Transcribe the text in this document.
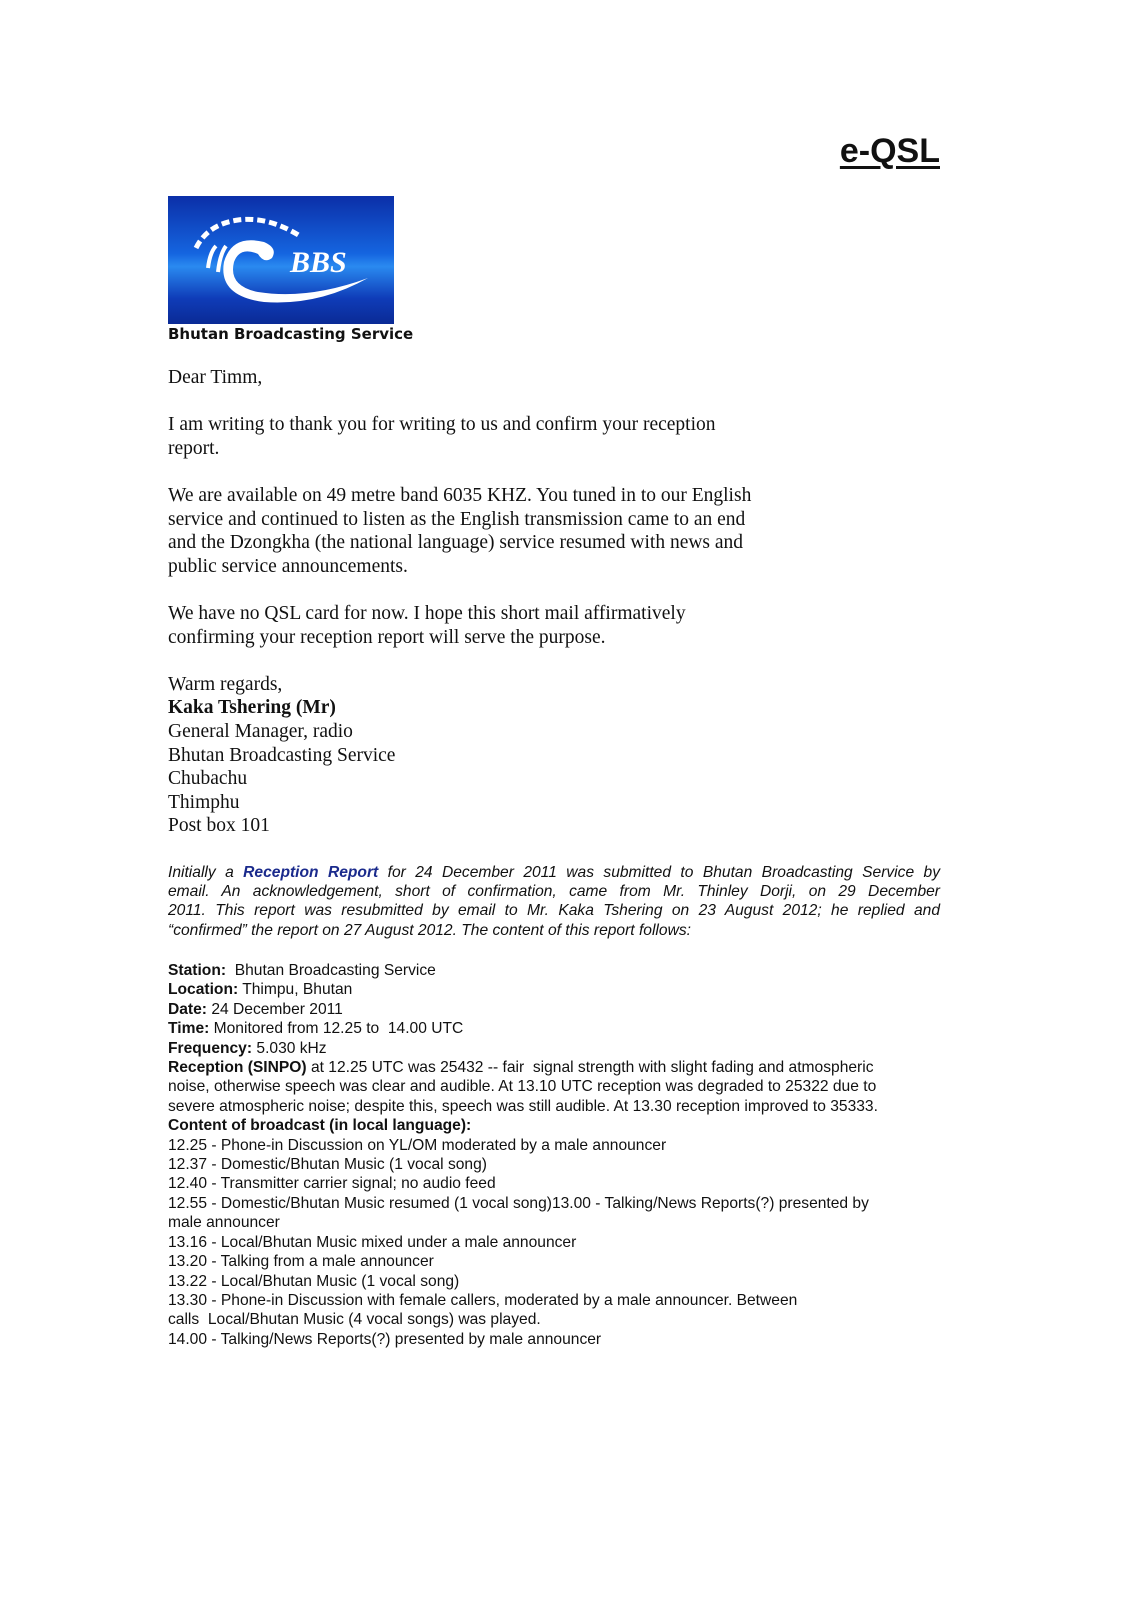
e-QSL
BBS
Bhutan Broadcasting Service

Dear Timm,

I am writing to thank you for writing to us and confirm your reception
report.

We are available on 49 metre band 6035 KHZ. You tuned in to our English
service and continued to listen as the English transmission came to an end
and the Dzongkha (the national language) service resumed with news and
public service announcements.

We have no QSL card for now. I hope this short mail affirmatively
confirming your reception report will serve the purpose.

Warm regards,
Kaka Tshering (Mr)
General Manager, radio
Bhutan Broadcasting Service
Chubachu
Thimphu
Post box 101

Initially a Reception Report for 24 December 2011 was submitted to Bhutan Broadcasting Service by
email. An acknowledgement, short of confirmation, came from Mr. Thinley Dorji, on 29 December
2011. This report was resubmitted by email to Mr. Kaka Tshering on 23 August 2012; he replied and
“confirmed” the report on 27 August 2012. The content of this report follows:
Station:  Bhutan Broadcasting Service
Location: Thimpu, Bhutan
Date: 24 December 2011
Time: Monitored from 12.25 to  14.00 UTC
Frequency: 5.030 kHz
Reception (SINPO) at 12.25 UTC was 25432 -- fair  signal strength with slight fading and atmospheric
noise, otherwise speech was clear and audible. At 13.10 UTC reception was degraded to 25322 due to
severe atmospheric noise; despite this, speech was still audible. At 13.30 reception improved to 35333.
Content of broadcast (in local language):
12.25 - Phone-in Discussion on YL/OM moderated by a male announcer
12.37 - Domestic/Bhutan Music (1 vocal song)
12.40 - Transmitter carrier signal; no audio feed
12.55 - Domestic/Bhutan Music resumed (1 vocal song)13.00 - Talking/News Reports(?) presented by
male announcer
13.16 - Local/Bhutan Music mixed under a male announcer
13.20 - Talking from a male announcer
13.22 - Local/Bhutan Music (1 vocal song)
13.30 - Phone-in Discussion with female callers, moderated by a male announcer. Between
calls  Local/Bhutan Music (4 vocal songs) was played.
14.00 - Talking/News Reports(?) presented by male announcer
